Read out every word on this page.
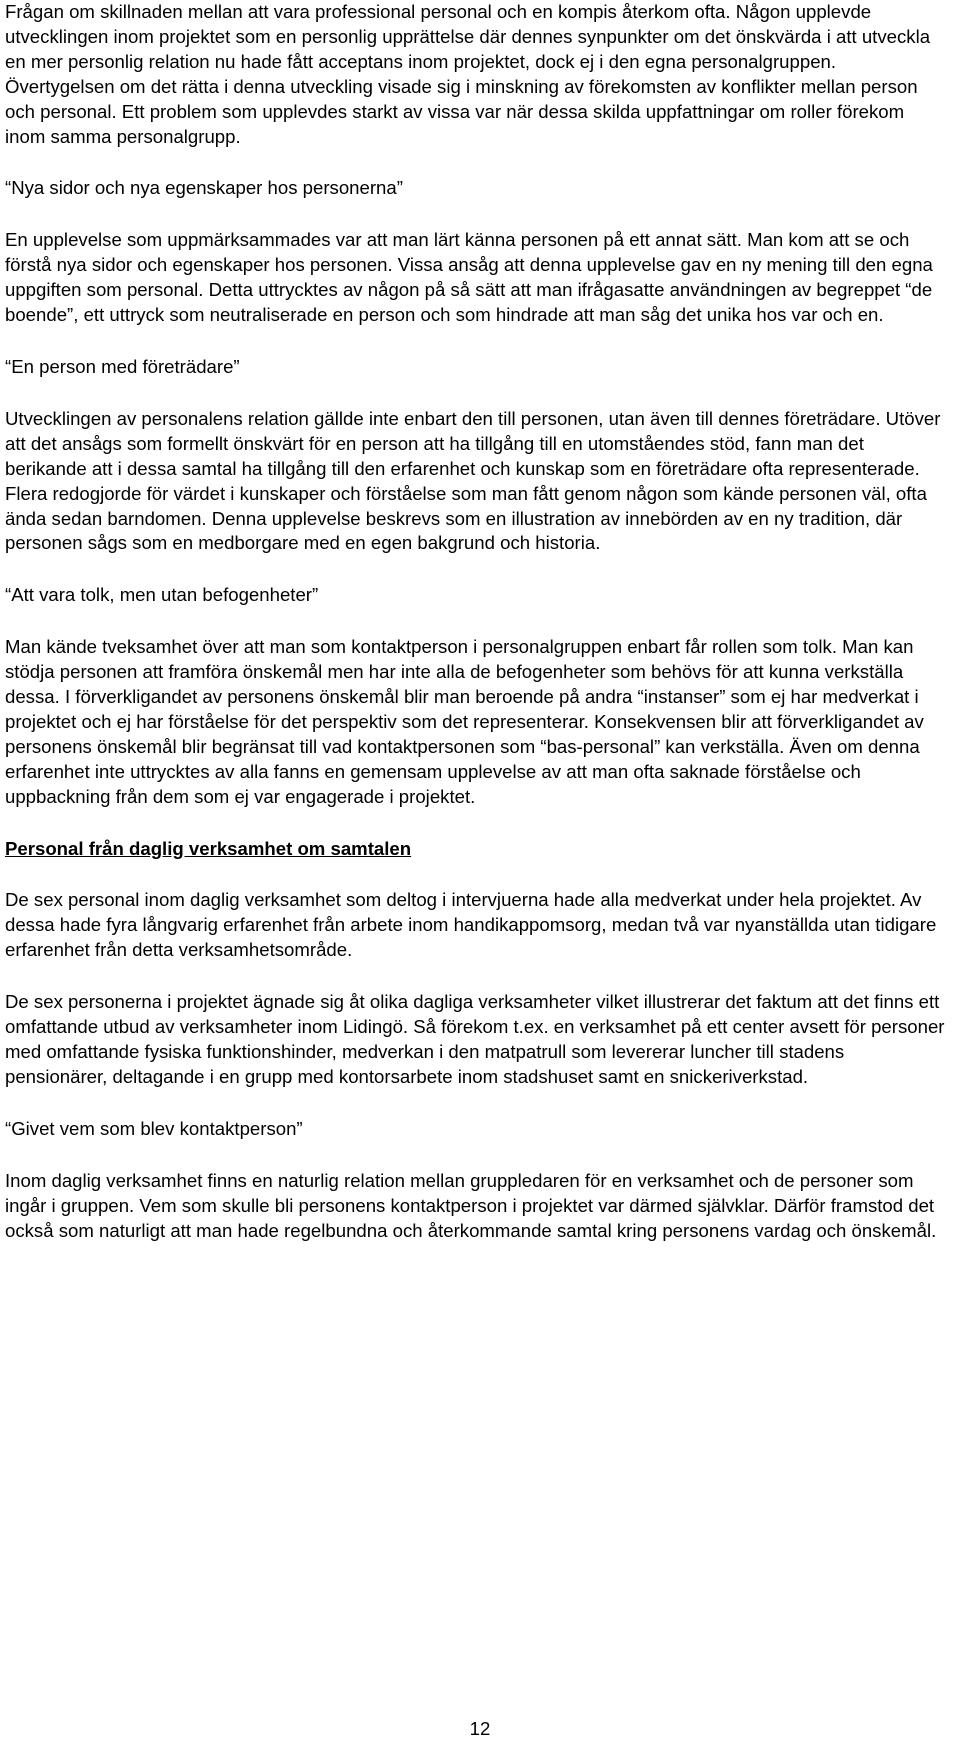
Frågan om skillnaden mellan att vara professional personal och en kompis återkom ofta. Någon upplevde utvecklingen inom projektet som en personlig upprättelse där dennes synpunkter om det önskvärda i att utveckla en mer personlig relation nu hade fått acceptans inom projektet, dock ej i den egna personalgruppen. Övertygelsen om det rätta i denna utveckling visade sig i minskning av förekomsten av konflikter mellan person och personal. Ett problem som upplevdes starkt av vissa var när dessa skilda uppfattningar om roller förekom inom samma personalgrupp.

“Nya sidor och nya egenskaper hos personerna”

En upplevelse som uppmärksammades var att man lärt känna personen på ett annat sätt. Man kom att se och förstå nya sidor och egenskaper hos personen. Vissa ansåg att denna upplevelse gav en ny mening till den egna uppgiften som personal. Detta uttrycktes av någon på så sätt att man ifrågasatte användningen av begreppet “de boende”, ett uttryck som neutraliserade en person och som hindrade att man såg det unika hos var och en.

“En person med företrädare”

Utvecklingen av personalens relation gällde inte enbart den till personen, utan även till dennes företrädare. Utöver att det ansågs som formellt önskvärt för en person att ha tillgång till en utomståendes stöd, fann man det berikande att i dessa samtal ha tillgång till den erfarenhet och kunskap som en företrädare ofta representerade. Flera redogjorde för värdet i kunskaper och förståelse som man fått genom någon som kände personen väl, ofta ända sedan barndomen. Denna upplevelse beskrevs som en illustration av innebörden av en ny tradition, där personen sågs som en medborgare med en egen bakgrund och historia.

“Att vara tolk, men utan befogenheter”

Man kände tveksamhet över att man som kontaktperson i personalgruppen enbart får rollen som tolk. Man kan stödja personen att framföra önskemål men har inte alla de befogenheter som behövs för att kunna verkställa dessa. I förverkligandet av personens önskemål blir man beroende på andra “instanser” som ej har medverkat i projektet och ej har förståelse för det perspektiv som det representerar. Konsekvensen blir att förverkligandet av personens önskemål blir begränsat till vad kontaktpersonen som “bas-personal” kan verkställa. Även om denna erfarenhet inte uttrycktes av alla fanns en gemensam upplevelse av att man ofta saknade förståelse och uppbackning från dem som ej var engagerade i projektet.

Personal från daglig verksamhet om samtalen

De sex personal inom daglig verksamhet som deltog i intervjuerna hade alla medverkat under hela projektet. Av dessa hade fyra långvarig erfarenhet från arbete inom handikappomsorg, medan två var nyanställda utan tidigare erfarenhet från detta verksamhetsområde.

De sex personerna i projektet ägnade sig åt olika dagliga verksamheter vilket illustrerar det faktum att det finns ett omfattande utbud av verksamheter inom Lidingö. Så förekom t.ex. en verksamhet på ett center avsett för personer med omfattande fysiska funktionshinder, medverkan i den matpatrull som levererar luncher till stadens pensionärer, deltagande i en grupp med kontorsarbete inom stadshuset samt en snickeriverkstad.

“Givet vem som blev kontaktperson”

Inom daglig verksamhet finns en naturlig relation mellan gruppledaren för en verksamhet och de personer som ingår i gruppen. Vem som skulle bli personens kontaktperson i projektet var därmed självklar. Därför framstod det också som naturligt att man hade regelbundna och återkommande samtal kring personens vardag och önskemål.

12
